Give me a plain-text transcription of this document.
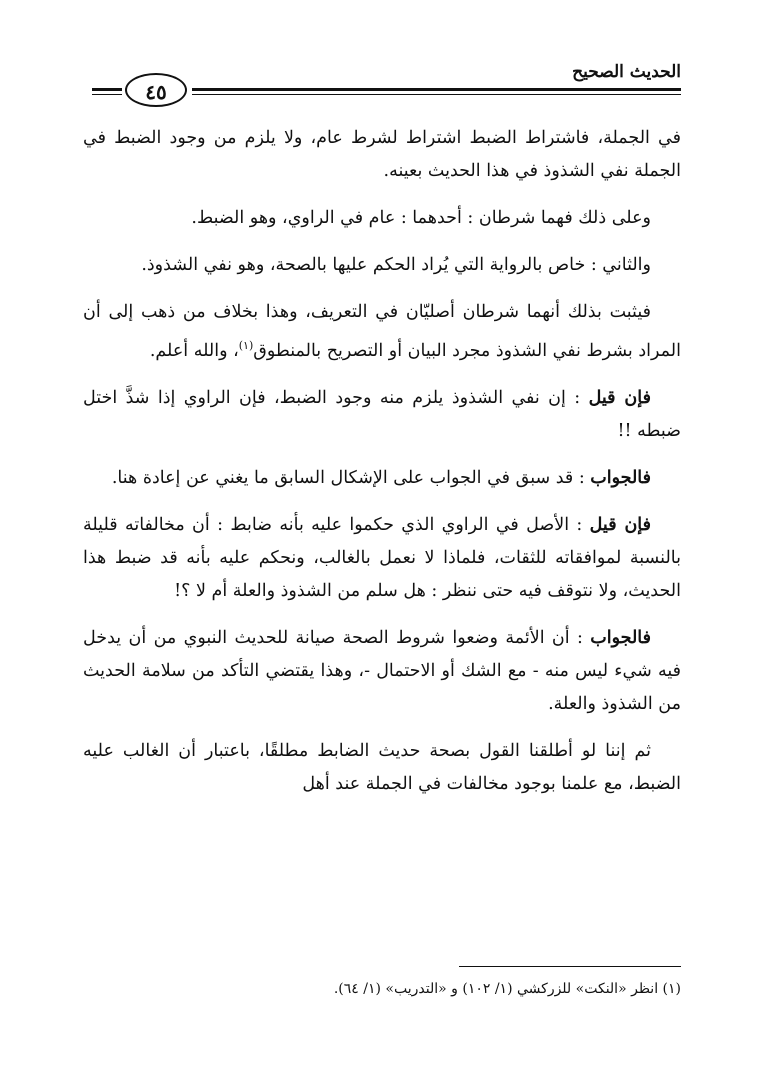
الحديث الصحيح
٤٥

في الجملة، فاشتراط الضبط اشتراط لشرط عام، ولا يلزم من وجود الضبط في الجملة نفي الشذوذ في هذا الحديث بعينه.

وعلى ذلك فهما شرطان : أحدهما : عام في الراوي، وهو الضبط.

والثاني : خاص بالرواية التي يُراد الحكم عليها بالصحة، وهو نفي الشذوذ.

فيثبت بذلك أنهما شرطان أصليّان في التعريف، وهذا بخلاف من ذهب إلى أن المراد بشرط نفي الشذوذ مجرد البيان أو التصريح بالمنطوق$^{(١)}$، والله أعلم.

فإن قيل : إن نفي الشذوذ يلزم منه وجود الضبط، فإن الراوي إذا شذَّ اختل ضبطه !!

فالجواب : قد سبق في الجواب على الإشكال السابق ما يغني عن إعادة هنا.

فإن قيل : الأصل في الراوي الذي حكموا عليه بأنه ضابط : أن مخالفاته قليلة بالنسبة لموافقاته للثقات، فلماذا لا نعمل بالغالب، ونحكم عليه بأنه قد ضبط هذا الحديث، ولا نتوقف فيه حتى ننظر : هل سلم من الشذوذ والعلة أم لا ؟!

فالجواب : أن الأئمة وضعوا شروط الصحة صيانة للحديث النبوي من أن يدخل فيه شيء ليس منه - مع الشك أو الاحتمال -، وهذا يقتضي التأكد من سلامة الحديث من الشذوذ والعلة.

ثم إننا لو أطلقنا القول بصحة حديث الضابط مطلقًا، باعتبار أن الغالب عليه الضبط، مع علمنا بوجود مخالفات في الجملة عند أهل

(١) انظر «النكت» للزركشي (١/ ١٠٢) و «التدريب» (١/ ٦٤).
